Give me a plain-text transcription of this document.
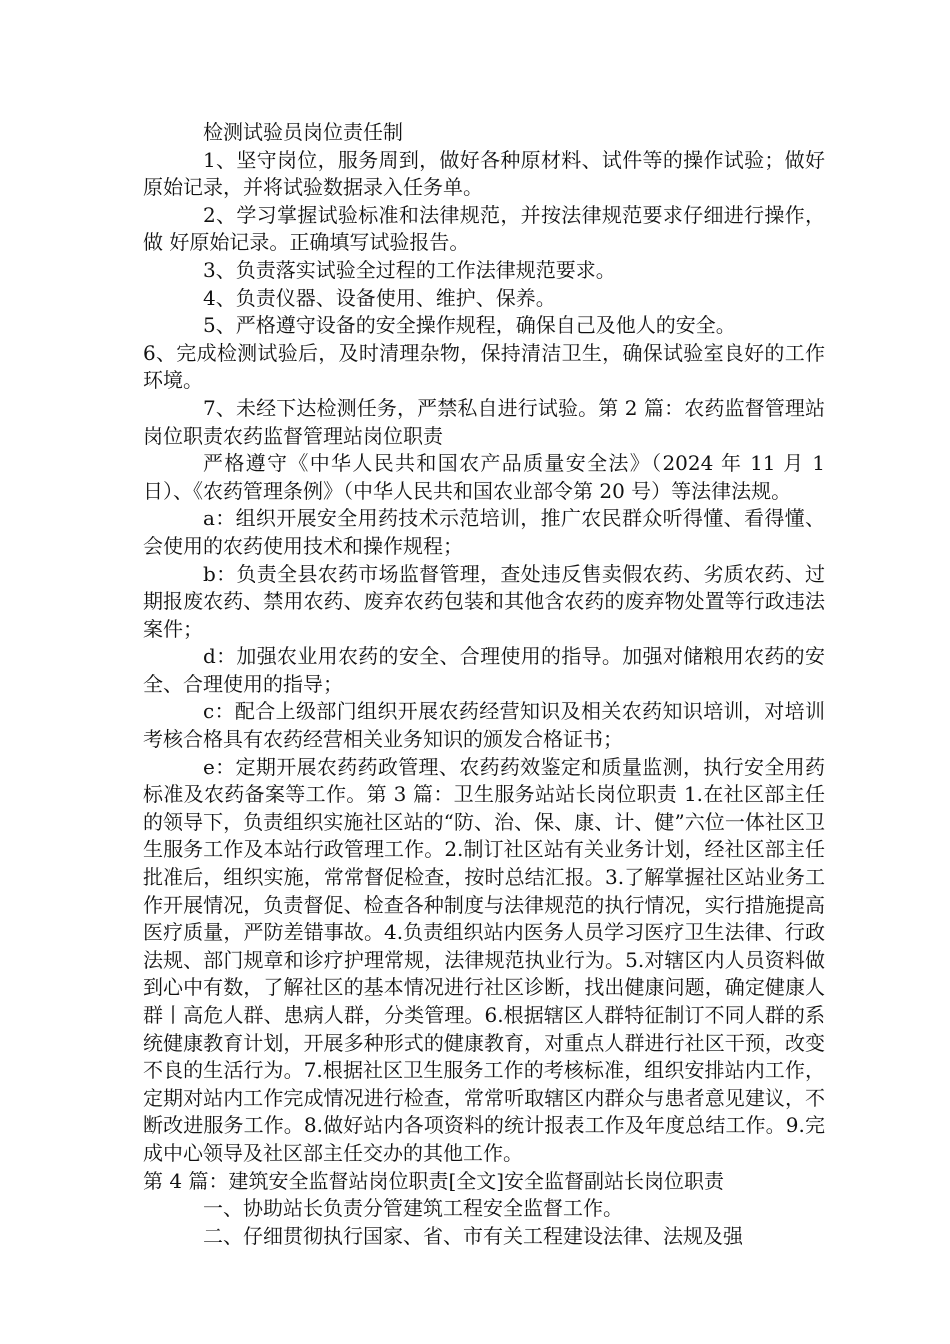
检测试验员岗位责任制

1、坚守岗位，服务周到，做好各种原材料、试件等的操作试验；做好原始记录，并将试验数据录入任务单。

2、学习掌握试验标准和法律规范，并按法律规范要求仔细进行操作，做 好原始记录。正确填写试验报告。

3、负责落实试验全过程的工作法律规范要求。

4、负责仪器、设备使用、维护、保养。

5、严格遵守设备的安全操作规程，确保自己及他人的安全。

6、完成检测试验后，及时清理杂物，保持清洁卫生，确保试验室良好的工作环境。

7、未经下达检测任务，严禁私自进行试验。第 2 篇：农药监督管理站岗位职责农药监督管理站岗位职责

严格遵守《中华人民共和国农产品质量安全法》（2024 年 11 月 1 日）、《农药管理条例》（中华人民共和国农业部令第 20 号）等法律法规。

a：组织开展安全用药技术示范培训，推广农民群众听得懂、看得懂、会使用的农药使用技术和操作规程；

b：负责全县农药市场监督管理，查处违反售卖假农药、劣质农药、过期报废农药、禁用农药、废弃农药包装和其他含农药的废弃物处置等行政违法案件；

d：加强农业用农药的安全、合理使用的指导。加强对储粮用农药的安全、合理使用的指导；

c：配合上级部门组织开展农药经营知识及相关农药知识培训，对培训考核合格具有农药经营相关业务知识的颁发合格证书；

e：定期开展农药药政管理、农药药效鉴定和质量监测，执行安全用药标准及农药备案等工作。第 3 篇：卫生服务站站长岗位职责 1.在社区部主任的领导下，负责组织实施社区站的“防、治、保、康、计、健”六位一体社区卫生服务工作及本站行政管理工作。2.制订社区站有关业务计划，经社区部主任批准后，组织实施，常常督促检查，按时总结汇报。3.了解掌握社区站业务工作开展情况，负责督促、检查各种制度与法律规范的执行情况，实行措施提高医疗质量，严防差错事故。4.负责组织站内医务人员学习医疗卫生法律、行政法规、部门规章和诊疗护理常规，法律规范执业行为。5.对辖区内人员资料做到心中有数，了解社区的基本情况进行社区诊断，找出健康问题，确定健康人群丨高危人群、患病人群，分类管理。6.根据辖区人群特征制订不同人群的系统健康教育计划，开展多种形式的健康教育，对重点人群进行社区干预，改变不良的生活行为。7.根据社区卫生服务工作的考核标准，组织安排站内工作，定期对站内工作完成情况进行检查，常常听取辖区内群众与患者意见建议，不断改进服务工作。8.做好站内各项资料的统计报表工作及年度总结工作。9.完成中心领导及社区部主任交办的其他工作。

第 4 篇：建筑安全监督站岗位职责[全文]安全监督副站长岗位职责

一、协助站长负责分管建筑工程安全监督工作。

二、仔细贯彻执行国家、省、市有关工程建设法律、法规及强
